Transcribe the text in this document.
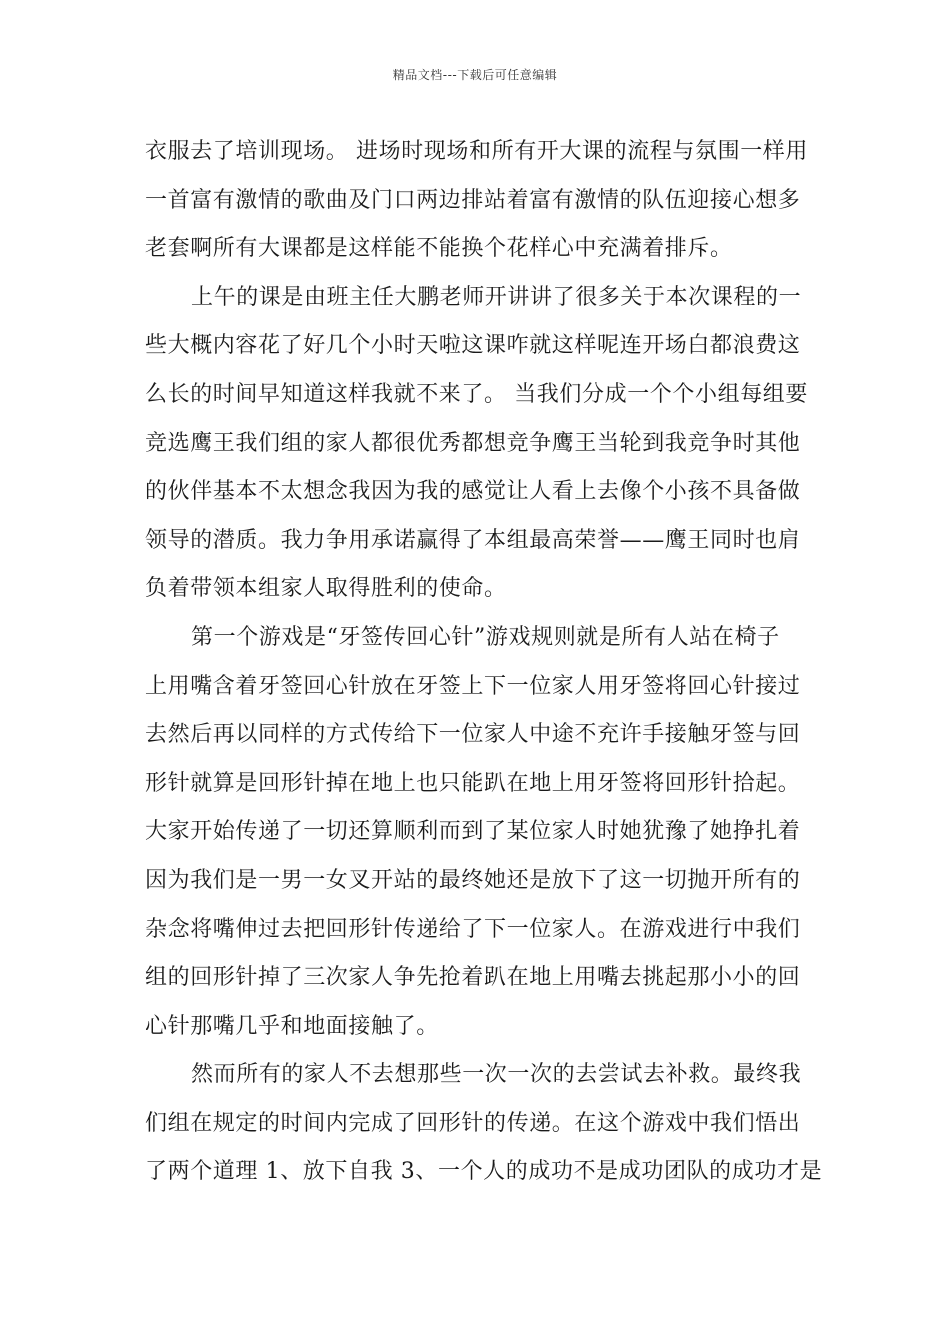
精品文档---下载后可任意编辑
衣服去了培训现场。 进场时现场和所有开大课的流程与氛围一样用
一首富有激情的歌曲及门口两边排站着富有激情的队伍迎接心想多
老套啊所有大课都是这样能不能换个花样心中充满着排斥。
上午的课是由班主任大鹏老师开讲讲了很多关于本次课程的一
些大概内容花了好几个小时天啦这课咋就这样呢连开场白都浪费这
么长的时间早知道这样我就不来了。 当我们分成一个个小组每组要
竞选鹰王我们组的家人都很优秀都想竞争鹰王当轮到我竞争时其他
的伙伴基本不太想念我因为我的感觉让人看上去像个小孩不具备做
领导的潜质。我力争用承诺赢得了本组最高荣誉——鹰王同时也肩
负着带领本组家人取得胜利的使命。
第一个游戏是“牙签传回心针”游戏规则就是所有人站在椅子
上用嘴含着牙签回心针放在牙签上下一位家人用牙签将回心针接过
去然后再以同样的方式传给下一位家人中途不充许手接触牙签与回
形针就算是回形针掉在地上也只能趴在地上用牙签将回形针拾起。
大家开始传递了一切还算顺利而到了某位家人时她犹豫了她挣扎着
因为我们是一男一女叉开站的最终她还是放下了这一切抛开所有的
杂念将嘴伸过去把回形针传递给了下一位家人。在游戏进行中我们
组的回形针掉了三次家人争先抢着趴在地上用嘴去挑起那小小的回
心针那嘴几乎和地面接触了。
然而所有的家人不去想那些一次一次的去尝试去补救。最终我
们组在规定的时间内完成了回形针的传递。在这个游戏中我们悟出
了两个道理 1、放下自我 3、一个人的成功不是成功团队的成功才是
